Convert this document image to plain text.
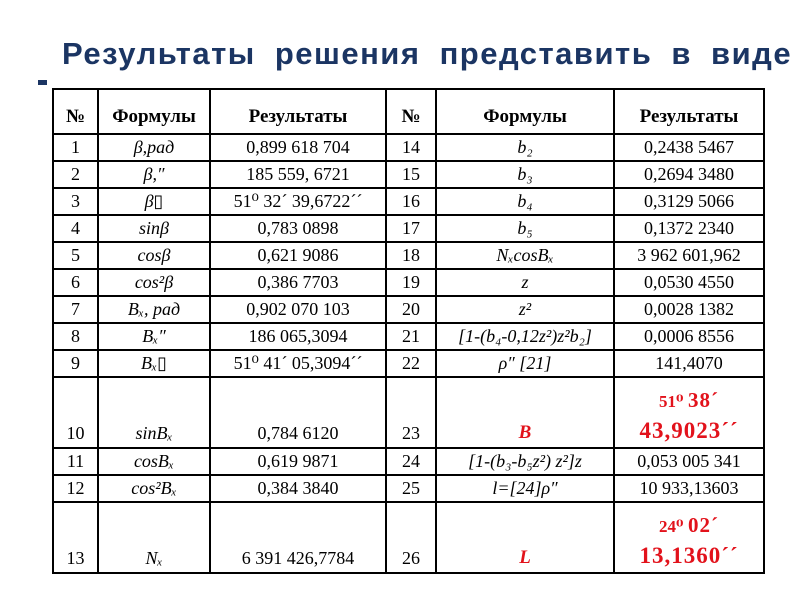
Результаты решения представить в виде
№	Формулы	Результаты	№	Формулы	Результаты
1	β,рад	0,899 618 704	14	b₂	0,2438 5467
2	β,″	185 559, 6721	15	b₃	0,2694 3480
3	β▯	51⁰ 32´ 39,6722´´	16	b₄	0,3129 5066
4	sinβ	0,783 0898	17	b₅	0,1372 2340
5	cosβ	0,621 9086	18	NₓcosBₓ	3 962 601,962
6	cos²β	0,386 7703	19	z	0,0530 4550
7	Bₓ, рад	0,902 070 103	20	z²	0,0028 1382
8	Bₓ″	186 065,3094	21	[1-(b₄-0,12z²)z²b₂]	0,0006 8556
9	Bₓ▯	51⁰ 41´ 05,3094´´	22	ρ″ [21]	141,4070
10	sinBₓ	0,784 6120	23	B	51⁰ 38´
43,9023´´

11	cosBₓ	0,619 9871	24	[1-(b₃-b₅z²) z²]z	0,053 005 341
12	cos²Bₓ	0,384 3840	25	l=[24]ρ″	10 933,13603
13	Nₓ	6 391 426,7784	26	L	24⁰ 02´
13,1360´´
